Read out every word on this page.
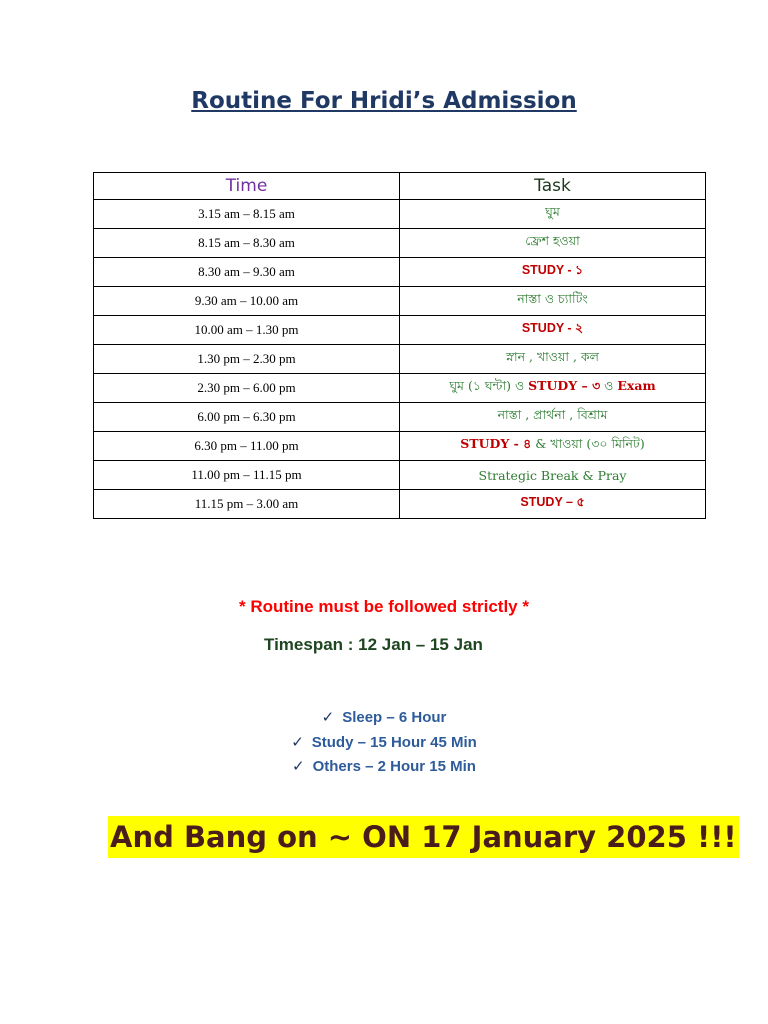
Routine For Hridi’s Admission
Time	Task
3.15 am – 8.15 am	ঘুম
8.15 am – 8.30 am	ফ্রেশ হওয়া
8.30 am – 9.30 am	STUDY - ১
9.30 am – 10.00 am	নাস্তা ও চ্যাটিং
10.00 am – 1.30 pm	STUDY - ২
1.30 pm – 2.30 pm	স্নান , খাওয়া , কল
2.30 pm – 6.00 pm	ঘুম (১ ঘন্টা) ও STUDY – ৩ ও Exam
6.00 pm – 6.30 pm	নাস্তা , প্রার্থনা , বিশ্রাম
6.30 pm – 11.00 pm	STUDY - ৪ & খাওয়া (৩০ মিনিট)
11.00 pm – 11.15 pm	Strategic Break & Pray
11.15 pm – 3.00 am	STUDY – ৫
* Routine must be followed strictly *
Timespan : 12 Jan – 15 Jan
✓ Sleep – 6 Hour
✓ Study – 15 Hour 45 Min
✓ Others – 2 Hour 15 Min
And Bang on ~ ON 17 January 2025 !!!
